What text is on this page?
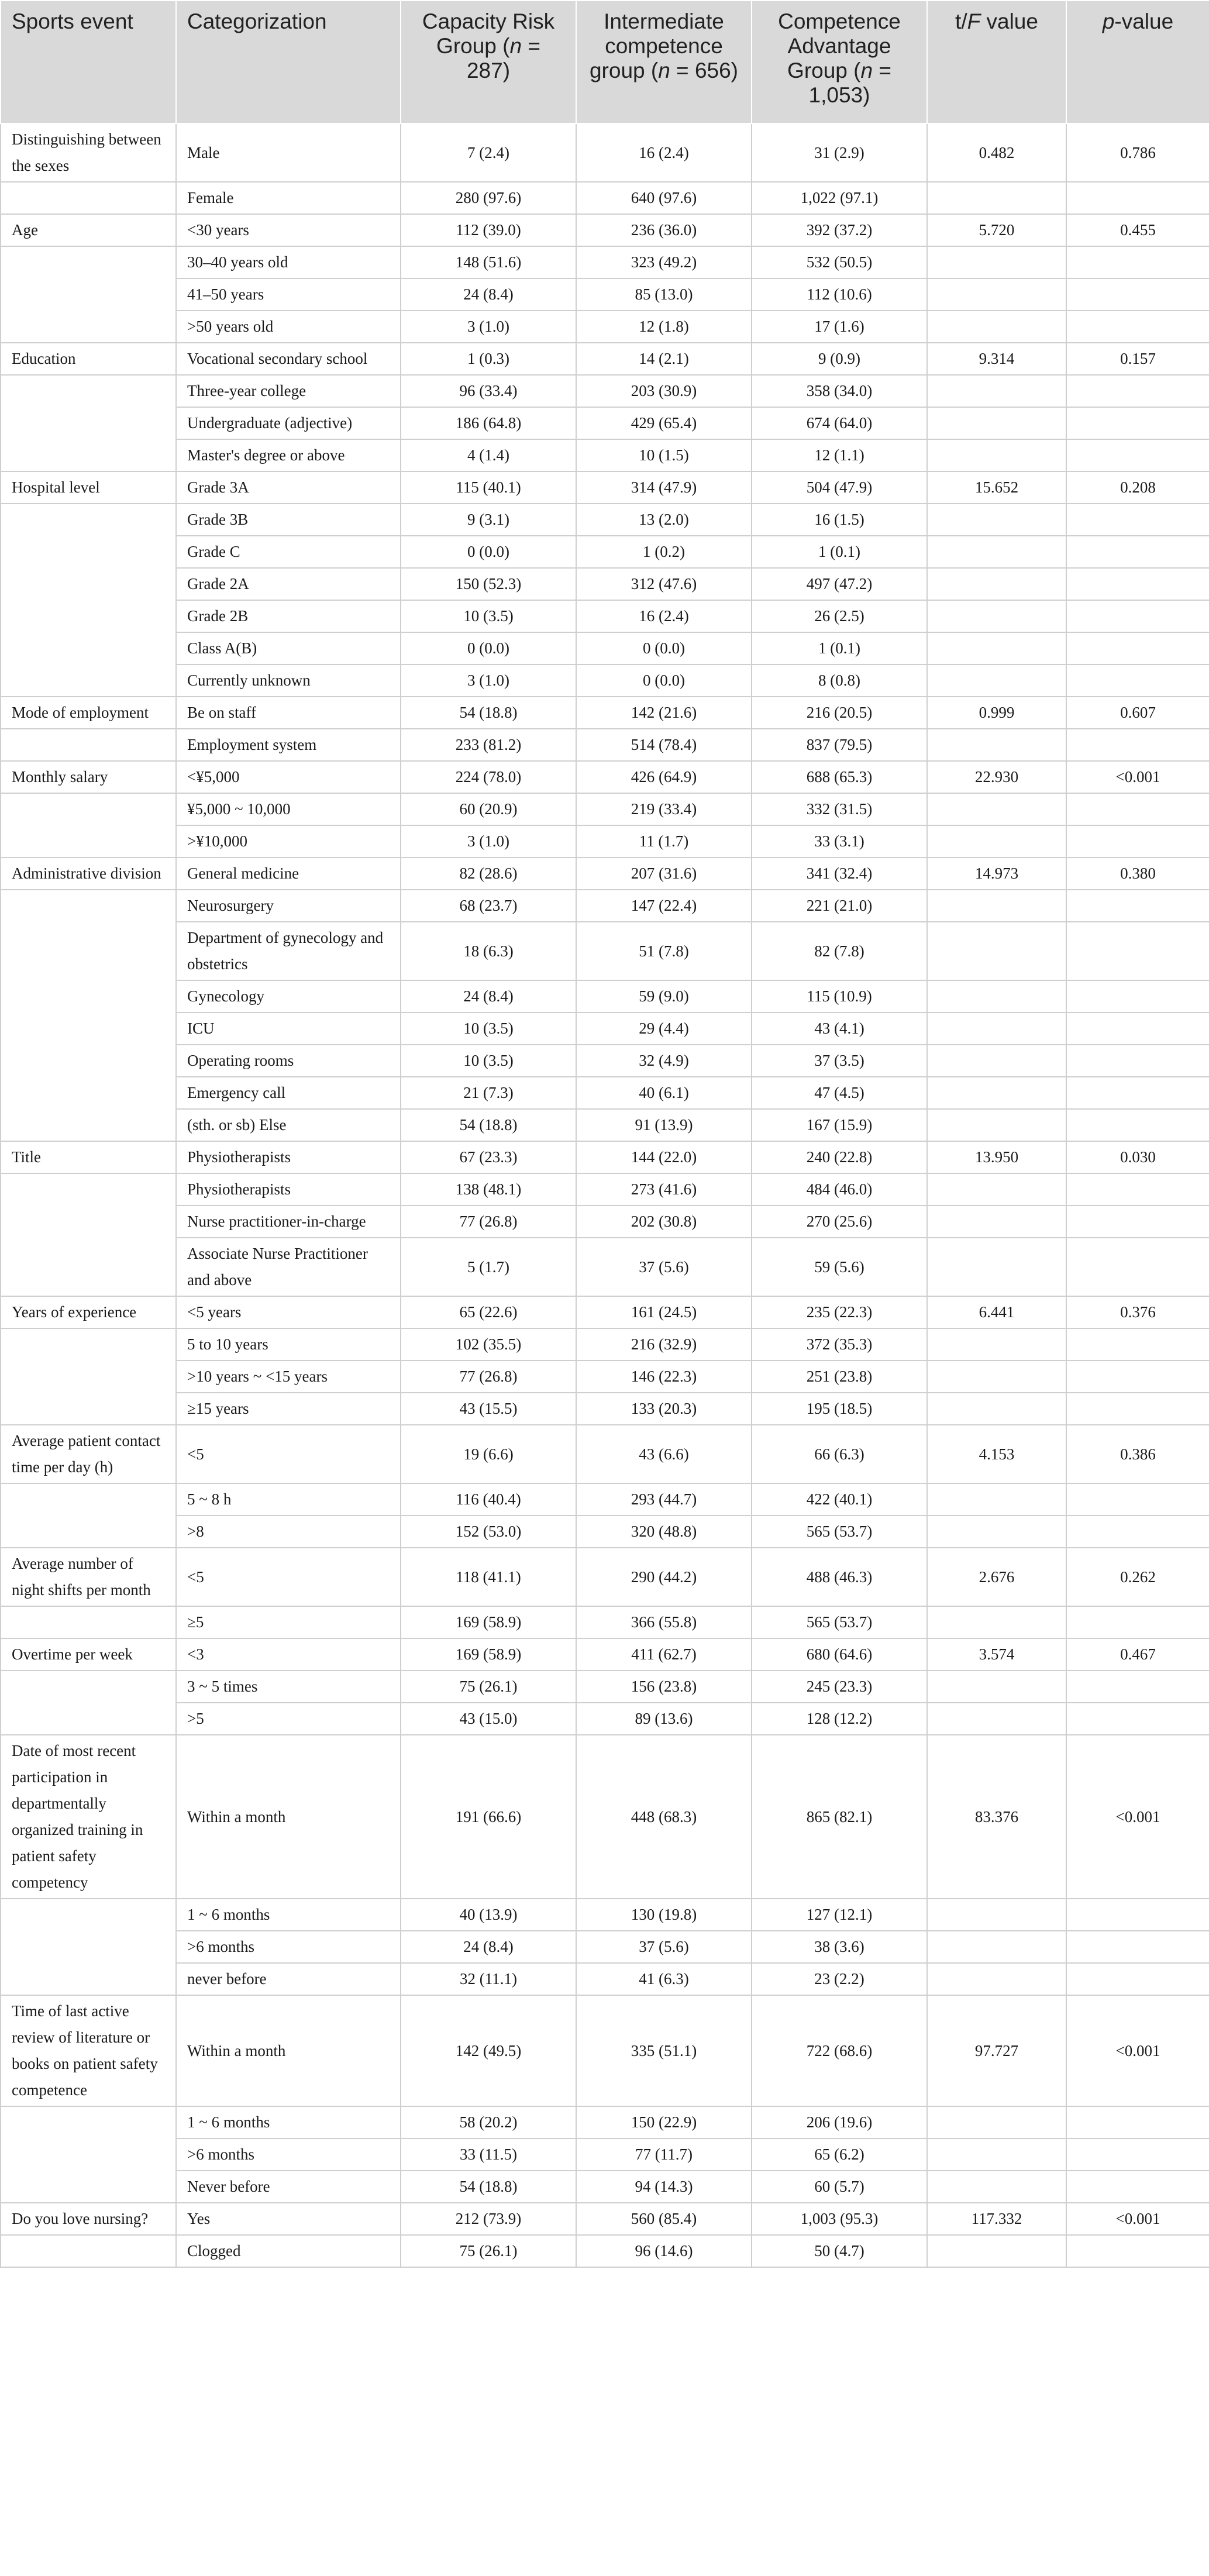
Sports event	Categorization	Capacity Risk Group (n = 287)	Intermediate competence group (n = 656)	Competence Advantage Group (n = 1,053)	t/F value	p-value
Distinguishing between the sexes	Male	7 (2.4)	16 (2.4)	31 (2.9)	0.482	0.786
	Female	280 (97.6)	640 (97.6)	1,022 (97.1)		
Age	<30 years	112 (39.0)	236 (36.0)	392 (37.2)	5.720	0.455
	30–40 years old	148 (51.6)	323 (49.2)	532 (50.5)		
	41–50 years	24 (8.4)	85 (13.0)	112 (10.6)		
	>50 years old	3 (1.0)	12 (1.8)	17 (1.6)		
Education	Vocational secondary school	1 (0.3)	14 (2.1)	9 (0.9)	9.314	0.157
	Three-year college	96 (33.4)	203 (30.9)	358 (34.0)		
	Undergraduate (adjective)	186 (64.8)	429 (65.4)	674 (64.0)		
	Master's degree or above	4 (1.4)	10 (1.5)	12 (1.1)		
Hospital level	Grade 3A	115 (40.1)	314 (47.9)	504 (47.9)	15.652	0.208
	Grade 3B	9 (3.1)	13 (2.0)	16 (1.5)		
	Grade C	0 (0.0)	1 (0.2)	1 (0.1)		
	Grade 2A	150 (52.3)	312 (47.6)	497 (47.2)		
	Grade 2B	10 (3.5)	16 (2.4)	26 (2.5)		
	Class A(B)	0 (0.0)	0 (0.0)	1 (0.1)		
	Currently unknown	3 (1.0)	0 (0.0)	8 (0.8)		
Mode of employment	Be on staff	54 (18.8)	142 (21.6)	216 (20.5)	0.999	0.607
	Employment system	233 (81.2)	514 (78.4)	837 (79.5)		
Monthly salary	<¥5,000	224 (78.0)	426 (64.9)	688 (65.3)	22.930	<0.001
	¥5,000 ~ 10,000	60 (20.9)	219 (33.4)	332 (31.5)		
	>¥10,000	3 (1.0)	11 (1.7)	33 (3.1)		
Administrative division	General medicine	82 (28.6)	207 (31.6)	341 (32.4)	14.973	0.380
	Neurosurgery	68 (23.7)	147 (22.4)	221 (21.0)		
	Department of gynecology and obstetrics	18 (6.3)	51 (7.8)	82 (7.8)		
	Gynecology	24 (8.4)	59 (9.0)	115 (10.9)		
	ICU	10 (3.5)	29 (4.4)	43 (4.1)		
	Operating rooms	10 (3.5)	32 (4.9)	37 (3.5)		
	Emergency call	21 (7.3)	40 (6.1)	47 (4.5)		
	(sth. or sb) Else	54 (18.8)	91 (13.9)	167 (15.9)		
Title	Physiotherapists	67 (23.3)	144 (22.0)	240 (22.8)	13.950	0.030
	Physiotherapists	138 (48.1)	273 (41.6)	484 (46.0)		
	Nurse practitioner-in-charge	77 (26.8)	202 (30.8)	270 (25.6)		
	Associate Nurse Practitioner and above	5 (1.7)	37 (5.6)	59 (5.6)		
Years of experience	<5 years	65 (22.6)	161 (24.5)	235 (22.3)	6.441	0.376
	5 to 10 years	102 (35.5)	216 (32.9)	372 (35.3)		
	>10 years ~ <15 years	77 (26.8)	146 (22.3)	251 (23.8)		
	≥15 years	43 (15.5)	133 (20.3)	195 (18.5)		
Average patient contact time per day (h)	<5	19 (6.6)	43 (6.6)	66 (6.3)	4.153	0.386
	5 ~ 8 h	116 (40.4)	293 (44.7)	422 (40.1)		
	>8	152 (53.0)	320 (48.8)	565 (53.7)		
Average number of night shifts per month	<5	118 (41.1)	290 (44.2)	488 (46.3)	2.676	0.262
	≥5	169 (58.9)	366 (55.8)	565 (53.7)		
Overtime per week	<3	169 (58.9)	411 (62.7)	680 (64.6)	3.574	0.467
	3 ~ 5 times	75 (26.1)	156 (23.8)	245 (23.3)		
	>5	43 (15.0)	89 (13.6)	128 (12.2)		
Date of most recent participation in departmentally organized training in patient safety competency	Within a month	191 (66.6)	448 (68.3)	865 (82.1)	83.376	<0.001
	1 ~ 6 months	40 (13.9)	130 (19.8)	127 (12.1)		
	>6 months	24 (8.4)	37 (5.6)	38 (3.6)		
	never before	32 (11.1)	41 (6.3)	23 (2.2)		
Time of last active review of literature or books on patient safety competence	Within a month	142 (49.5)	335 (51.1)	722 (68.6)	97.727	<0.001
	1 ~ 6 months	58 (20.2)	150 (22.9)	206 (19.6)		
	>6 months	33 (11.5)	77 (11.7)	65 (6.2)		
	Never before	54 (18.8)	94 (14.3)	60 (5.7)		
Do you love nursing?	Yes	212 (73.9)	560 (85.4)	1,003 (95.3)	117.332	<0.001
	Clogged	75 (26.1)	96 (14.6)	50 (4.7)		
